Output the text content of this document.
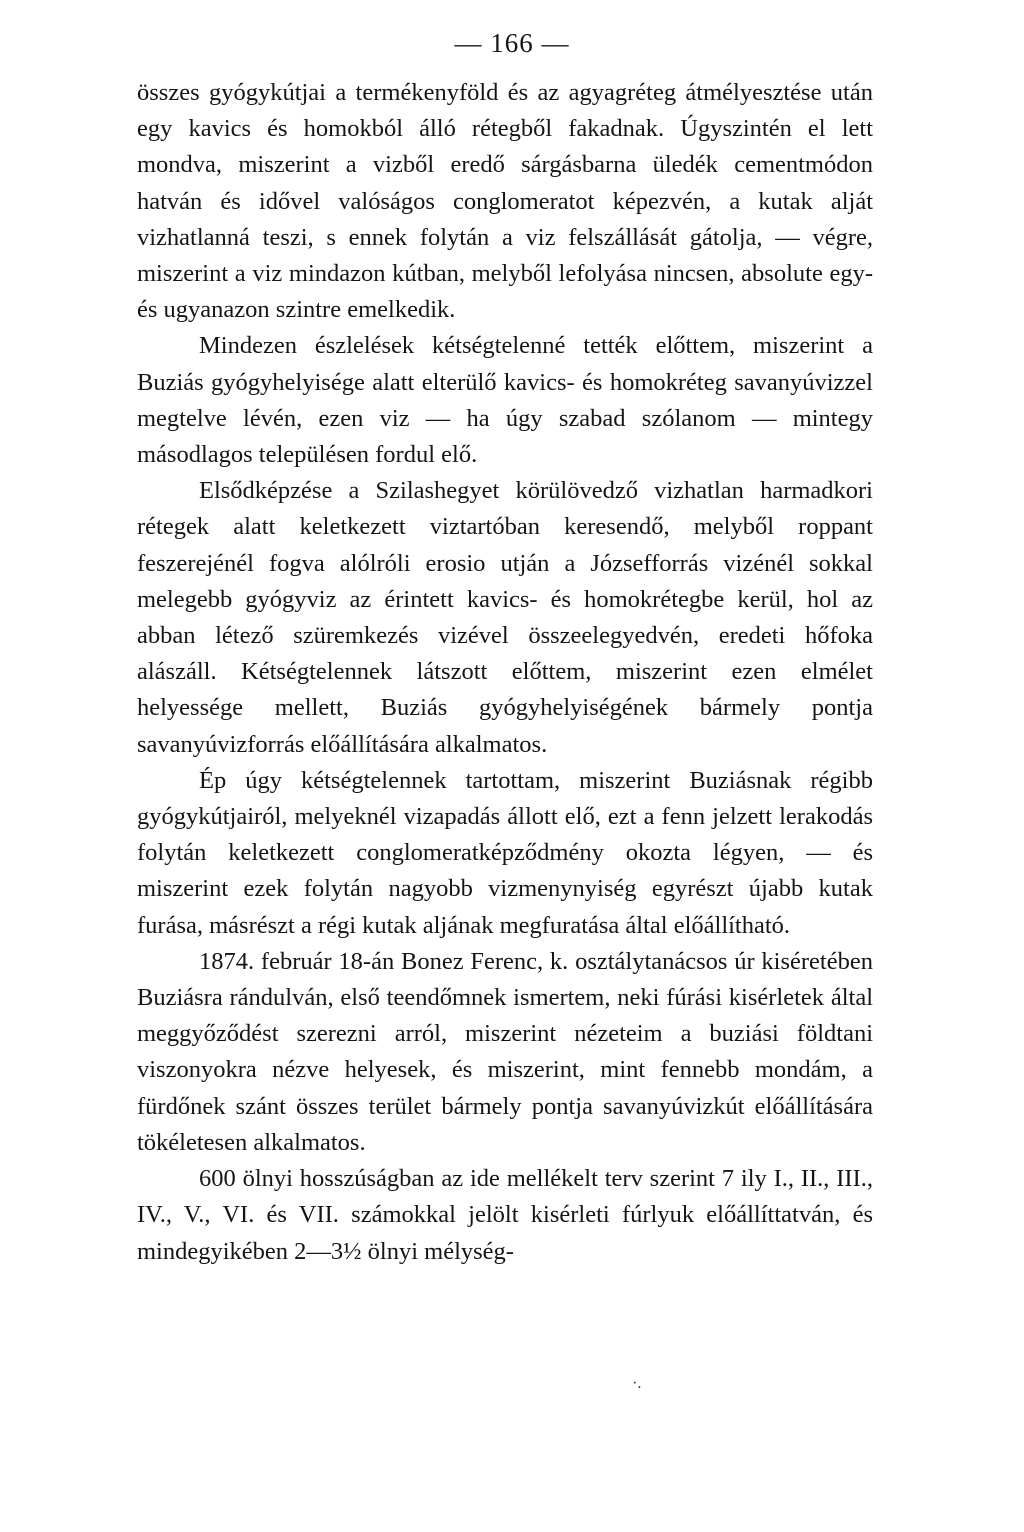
— 166 —

összes gyógykútjai a termékenyföld és az agyagréteg átmélyesztése után egy kavics és homokból álló rétegből fakadnak. Úgyszintén el lett mondva, miszerint a vizből eredő sárgásbarna üledék cementmódon hatván és idővel valóságos conglomeratot képezvén, a kutak alját vizhatlanná teszi, s ennek folytán a viz felszállását gátolja, — végre, miszerint a viz mindazon kútban, melyből lefolyása nincsen, absolute egy- és ugyanazon szintre emelkedik.

Mindezen észlelések kétségtelenné tették előttem, miszerint a Buziás gyógyhelyisége alatt elterülő kavics- és homokréteg savanyúvizzel megtelve lévén, ezen viz — ha úgy szabad szólanom — mintegy másodlagos településen fordul elő.

Elsődképzése a Szilashegyet körülövedző vizhatlan harmadkori rétegek alatt keletkezett viztartóban keresendő, melyből roppant feszerejénél fogva alólróli erosio utján a Józsefforrás vizénél sokkal melegebb gyógyviz az érintett kavics- és homokrétegbe kerül, hol az abban létező szüremkezés vizével összeelegyedvén, eredeti hőfoka alászáll. Kétségtelennek látszott előttem, miszerint ezen elmélet helyessége mellett, Buziás gyógyhelyiségének bármely pontja savanyúvizforrás előállítására alkalmatos.

Ép úgy kétségtelennek tartottam, miszerint Buziásnak régibb gyógykútjairól, melyeknél vizapadás állott elő, ezt a fenn jelzett lerakodás folytán keletkezett conglomeratképződmény okozta légyen, — és miszerint ezek folytán nagyobb vizmenynyiség egyrészt újabb kutak furása, másrészt a régi kutak aljának megfuratása által előállítható.

1874. február 18-án Bonez Ferenc, k. osztálytanácsos úr kiséretében Buziásra rándulván, első teendőmnek ismertem, neki fúrási kisérletek által meggyőződést szerezni arról, miszerint nézeteim a buziási földtani viszonyokra nézve helyesek, és miszerint, mint fennebb mondám, a fürdőnek szánt összes terület bármely pontja savanyúvizkút előállítására tökéletesen alkalmatos.

600 ölnyi hosszúságban az ide mellékelt terv szerint 7 ily I., II., III., IV., V., VI. és VII. számokkal jelölt kisérleti fúrlyuk előállíttatván, és mindegyikében 2—3½ ölnyi mélység-

·.
